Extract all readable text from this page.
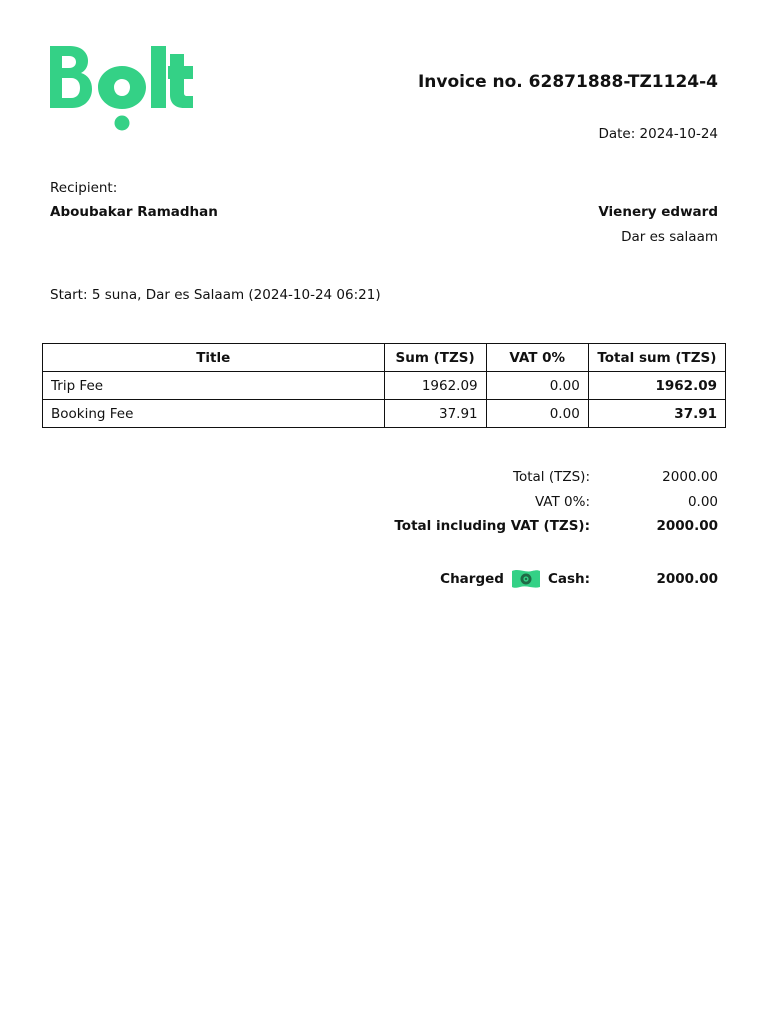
Invoice no. 62871888-TZ1124-4
Date: 2024-10-24
Recipient:
Aboubakar Ramadhan	Vienery edward
Dar es salaam
Start: 5 suna, Dar es Salaam (2024-10-24 06:21)
Title	Sum (TZS)	VAT 0%	Total sum (TZS)
Trip Fee	1962.09	0.00	1962.09
Booking Fee	37.91	0.00	37.91
Total (TZS):	2000.00
VAT 0%:	0.00
Total including VAT (TZS):	2000.00
Charged	Cash:	2000.00
